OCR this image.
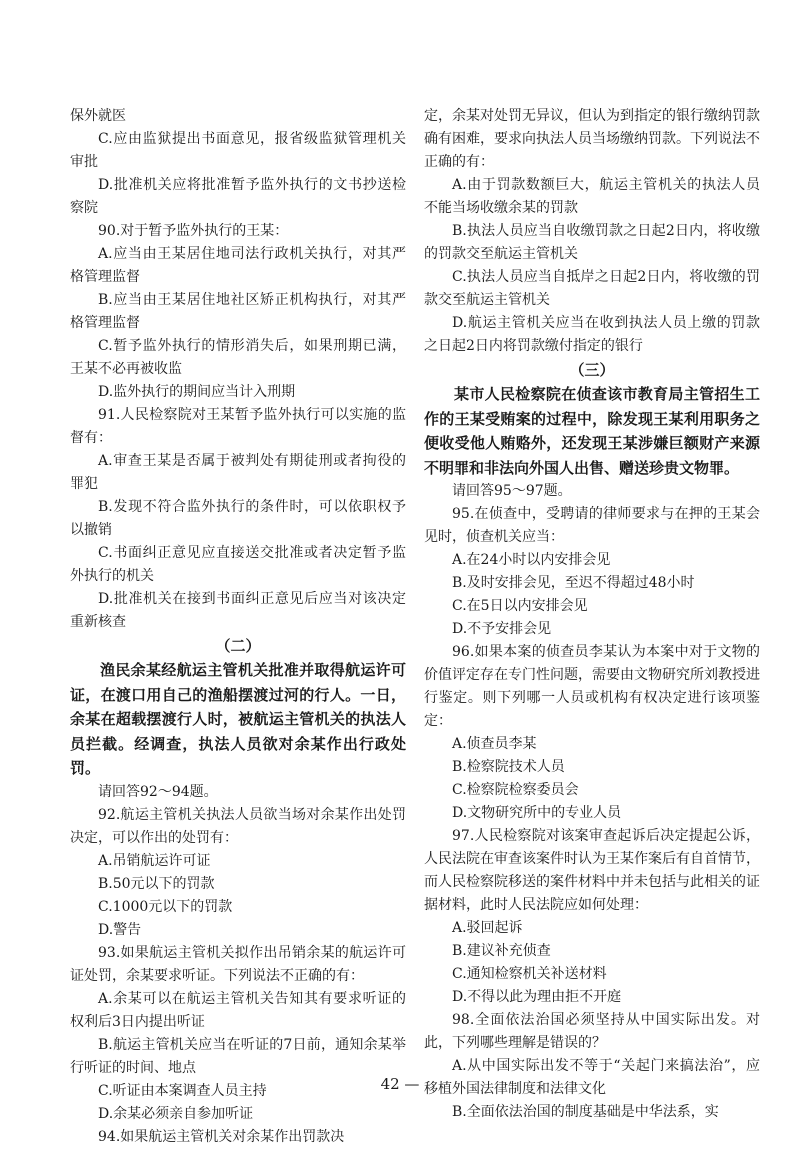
保外就医

C.应由监狱提出书面意见，报省级监狱管理机关审批

D.批准机关应将批准暂予监外执行的文书抄送检察院

90.对于暂予监外执行的王某：

A.应当由王某居住地司法行政机关执行，对其严格管理监督

B.应当由王某居住地社区矫正机构执行，对其严格管理监督

C.暂予监外执行的情形消失后，如果刑期已满，王某不必再被收监

D.监外执行的期间应当计入刑期

91.人民检察院对王某暂予监外执行可以实施的监督有：

A.审查王某是否属于被判处有期徒刑或者拘役的罪犯

B.发现不符合监外执行的条件时，可以依职权予以撤销

C.书面纠正意见应直接送交批准或者决定暂予监外执行的机关

D.批准机关在接到书面纠正意见后应当对该决定重新核查

（二）

渔民余某经航运主管机关批准并取得航运许可证，在渡口用自己的渔船摆渡过河的行人。一日，余某在超载摆渡行人时，被航运主管机关的执法人员拦截。经调查，执法人员欲对余某作出行政处罚。

请回答92～94题。

92.航运主管机关执法人员欲当场对余某作出处罚决定，可以作出的处罚有：

A.吊销航运许可证

B.50元以下的罚款

C.1000元以下的罚款

D.警告

93.如果航运主管机关拟作出吊销余某的航运许可证处罚，余某要求听证。下列说法不正确的有：

A.余某可以在航运主管机关告知其有要求听证的权利后3日内提出听证

B.航运主管机关应当在听证的7日前，通知余某举行听证的时间、地点

C.听证由本案调查人员主持

D.余某必须亲自参加听证

94.如果航运主管机关对余某作出罚款决

定，余某对处罚无异议，但认为到指定的银行缴纳罚款确有困难，要求向执法人员当场缴纳罚款。下列说法不正确的有：

A.由于罚款数额巨大，航运主管机关的执法人员不能当场收缴余某的罚款

B.执法人员应当自收缴罚款之日起2日内，将收缴的罚款交至航运主管机关

C.执法人员应当自抵岸之日起2日内，将收缴的罚款交至航运主管机关

D.航运主管机关应当在收到执法人员上缴的罚款之日起2日内将罚款缴付指定的银行

（三）

某市人民检察院在侦查该市教育局主管招生工作的王某受贿案的过程中，除发现王某利用职务之便收受他人贿赂外，还发现王某涉嫌巨额财产来源不明罪和非法向外国人出售、赠送珍贵文物罪。

请回答95～97题。

95.在侦查中，受聘请的律师要求与在押的王某会见时，侦查机关应当：

A.在24小时以内安排会见

B.及时安排会见，至迟不得超过48小时

C.在5日以内安排会见

D.不予安排会见

96.如果本案的侦查员李某认为本案中对于文物的价值评定存在专门性问题，需要由文物研究所刘教授进行鉴定。则下列哪一人员或机构有权决定进行该项鉴定：

A.侦查员李某

B.检察院技术人员

C.检察院检察委员会

D.文物研究所中的专业人员

97.人民检察院对该案审查起诉后决定提起公诉，人民法院在审查该案件时认为王某作案后有自首情节，而人民检察院移送的案件材料中并未包括与此相关的证据材料，此时人民法院应如何处理：

A.驳回起诉

B.建议补充侦查

C.通知检察机关补送材料

D.不得以此为理由拒不开庭

98.全面依法治国必须坚持从中国实际出发。对此，下列哪些理解是错误的？

A.从中国实际出发不等于“关起门来搞法治”，应移植外国法律制度和法律文化

B.全面依法治国的制度基础是中华法系，实

42 —
